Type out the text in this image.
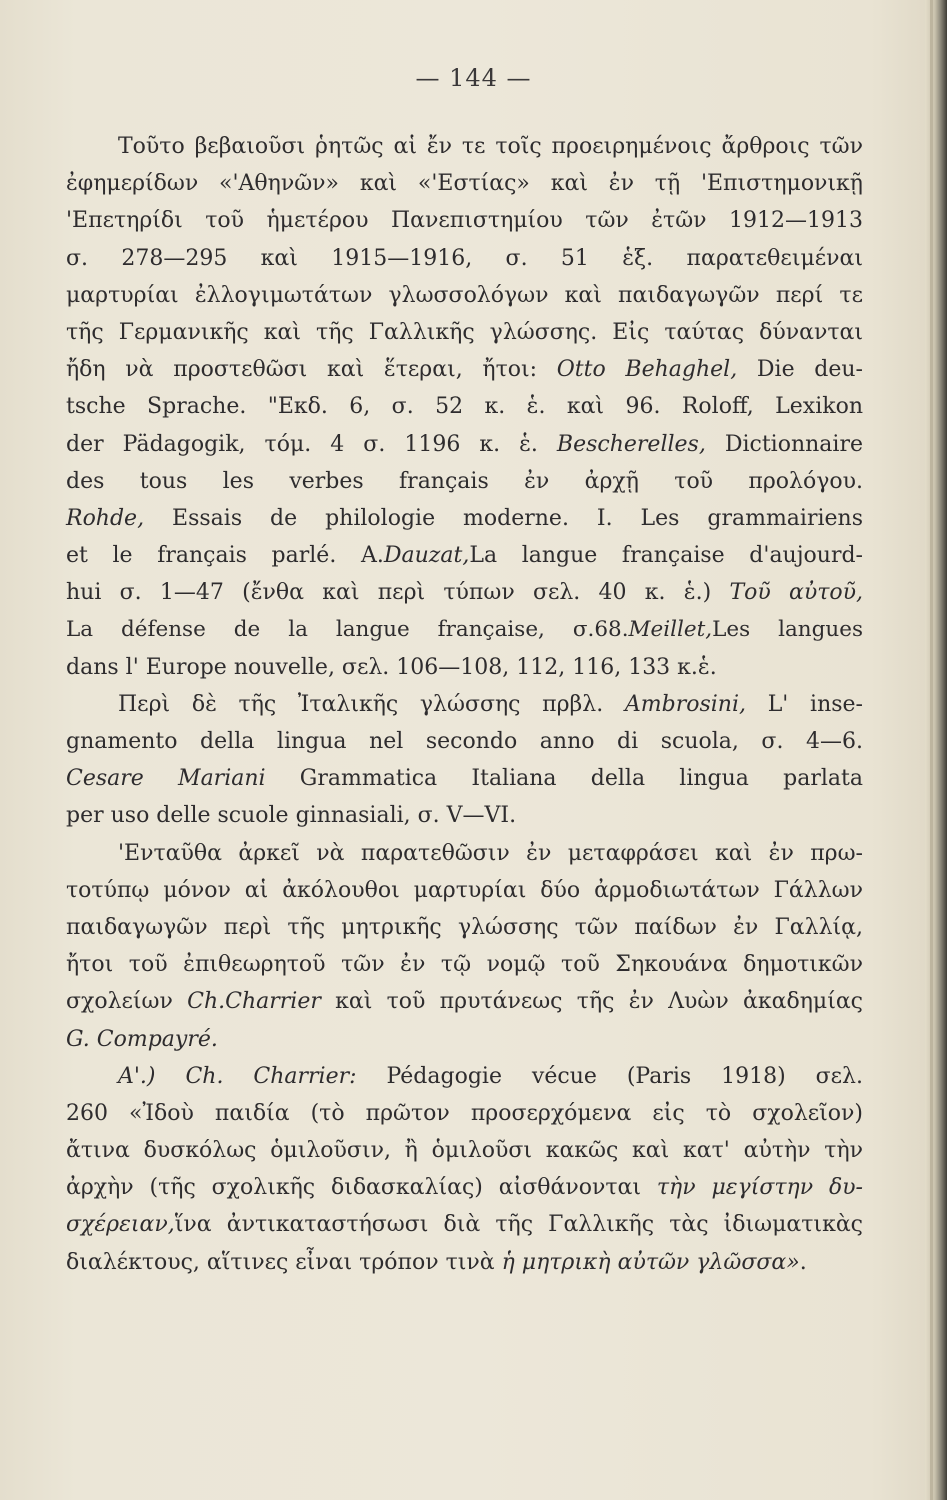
— 144 —
Τοῦτο βεβαιοῦσι ῥητῶς αἱ ἔν τε τοῖς προειρημένοις ἄρθροις τῶν
ἐφημερίδων «'Αθηνῶν» καὶ «'Εστίας» καὶ ἐν τῇ 'Επιστημονικῇ
'Επετηρίδι τοῦ ἡμετέρου Πανεπιστημίου τῶν ἐτῶν 1912—1913
σ. 278—295 καὶ 1915—1916, σ. 51 ἑξ. παρατεθειμέναι
μαρτυρίαι ἐλλογιμωτάτων γλωσσολόγων καὶ παιδαγωγῶν περί τε
τῆς Γερμανικῆς καὶ τῆς Γαλλικῆς γλώσσης. Εἰς ταύτας δύνανται
ἤδη νὰ προστεθῶσι καὶ ἕτεραι, ἤτοι: Otto Behaghel, Die deu-
tsche Sprache. "Εκδ. 6, σ. 52 κ. ἑ. καὶ 96. Roloff, Lexikon
der Pädagogik, τόμ. 4 σ. 1196 κ. ἑ. Bescherelles, Dictionnaire
des tous les verbes français ἐν ἀρχῇ τοῦ προλόγου.
Rohde, Essais de philologie moderne. I. Les grammairiens
et le français parlé. A.Dauzat,La langue française d'aujourd-
hui σ. 1—47 (ἔνθα καὶ περὶ τύπων σελ. 40 κ. ἑ.) Τοῦ αὐτοῦ,
La défense de la langue française, σ.68.Meillet,Les langues
dans l' Europe nouvelle, σελ. 106—108, 112, 116, 133 κ.ἑ.
Περὶ δὲ τῆς Ἰταλικῆς γλώσσης πρβλ. Ambrosini, L' inse-
gnamento della lingua nel secondo anno di scuola, σ. 4—6.
Cesare Mariani Grammatica Italiana della lingua parlata
per uso delle scuole ginnasiali, σ. V—VI.
'Ενταῦθα ἀρκεῖ νὰ παρατεθῶσιν ἐν μεταφράσει καὶ ἐν πρω-
τοτύπῳ μόνον αἱ ἀκόλουθοι μαρτυρίαι δύο ἀρμοδιωτάτων Γάλλων
παιδαγωγῶν περὶ τῆς μητρικῆς γλώσσης τῶν παίδων ἐν Γαλλίᾳ,
ἤτοι τοῦ ἐπιθεωρητοῦ τῶν ἐν τῷ νομῷ τοῦ Σηκουάνα δημοτικῶν
σχολείων Ch.Charrier καὶ τοῦ πρυτάνεως τῆς ἐν Λυὼν ἀκαδημίας
G. Compayré.
A'.) Ch. Charrier: Pédagogie vécue (Paris 1918) σελ.
260 «Ἰδοὺ παιδία (τὸ πρῶτον προσερχόμενα εἰς τὸ σχολεῖον)
ἄτινα δυσκόλως ὁμιλοῦσιν, ἢ ὁμιλοῦσι κακῶς καὶ κατ' αὐτὴν τὴν
ἀρχὴν (τῆς σχολικῆς διδασκαλίας) αἰσθάνονται τὴν μεγίστην δυ-
σχέρειαν,ἵνα ἀντικαταστήσωσι διὰ τῆς Γαλλικῆς τὰς ἰδιωματικὰς
διαλέκτους, αἵτινες εἶναι τρόπον τινὰ ἡ μητρικὴ αὐτῶν γλῶσσα».
